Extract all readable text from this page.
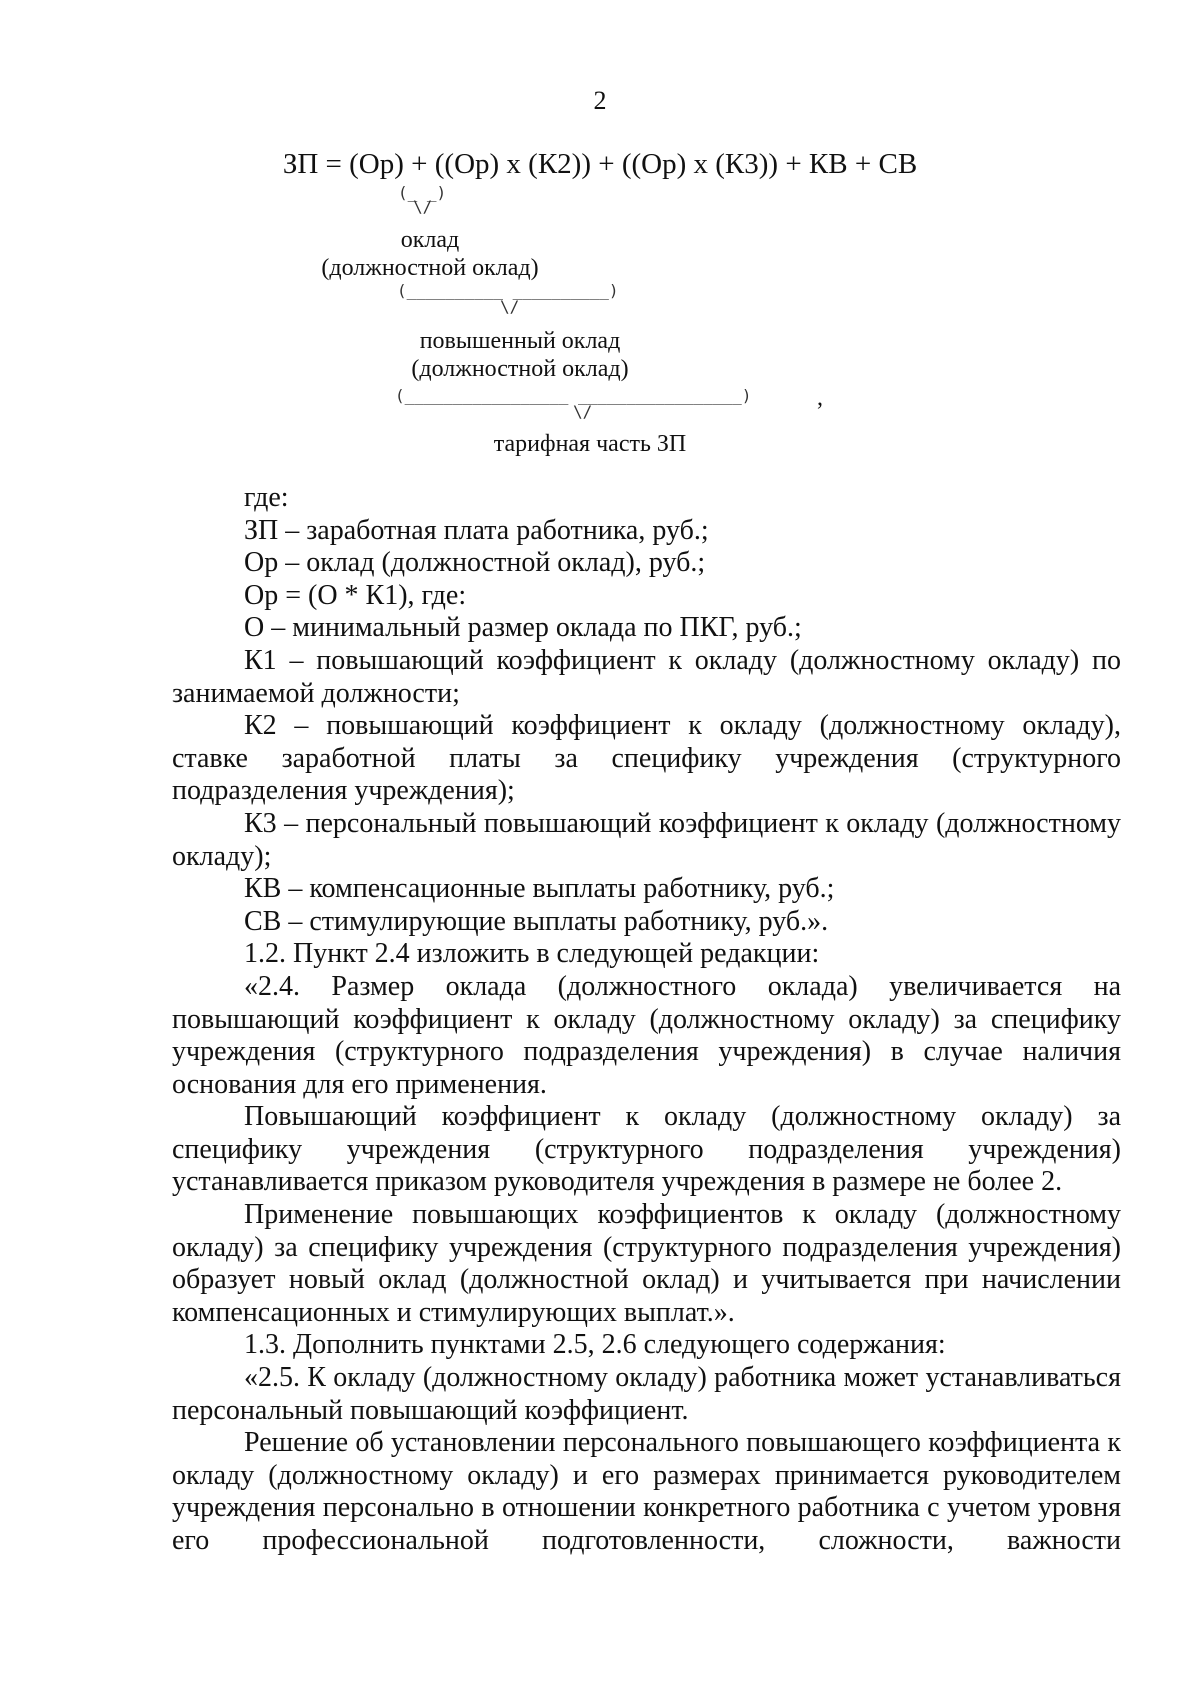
2
ЗП = (Ор) + ((Ор) х (К2)) + ((Ор) х (К3)) + КВ + СВ
(_ _)
\/
оклад
(должностной оклад)
(__________ __________)
\/
повышенный оклад
(должностной оклад)
(_________________ _________________)	,
\/
тарифная часть ЗП

где:

ЗП – заработная плата работника, руб.;

Ор – оклад (должностной оклад), руб.;

Ор = (О * К1), где:

О – минимальный размер оклада по ПКГ, руб.;

К1 – повышающий коэффициент к окладу (должностному окладу) по занимаемой должности;

К2 – повышающий коэффициент к окладу (должностному окладу), ставке заработной платы за специфику учреждения (структурного подразделения учреждения);

К3 – персональный повышающий коэффициент к окладу (должностному окладу);

КВ – компенсационные выплаты работнику, руб.;

СВ – стимулирующие выплаты работнику, руб.».

1.2. Пункт 2.4 изложить в следующей редакции:

«2.4. Размер оклада (должностного оклада) увеличивается на повышающий коэффициент к окладу (должностному окладу) за специфику учреждения (структурного подразделения учреждения) в случае наличия основания для его применения.

Повышающий коэффициент к окладу (должностному окладу) за специфику учреждения (структурного подразделения учреждения) устанавливается приказом руководителя учреждения в размере не более 2.

Применение повышающих коэффициентов к окладу (должностному окладу) за специфику учреждения (структурного подразделения учреждения) образует новый оклад (должностной оклад) и учитывается при начислении компенсационных и стимулирующих выплат.».

1.3. Дополнить пунктами 2.5, 2.6 следующего содержания:

«2.5. К окладу (должностному окладу) работника может устанавливаться персональный повышающий коэффициент.

Решение об установлении персонального повышающего коэффициента к окладу (должностному окладу) и его размерах принимается руководителем учреждения персонально в отношении конкретного работника с учетом уровня его профессиональной подготовленности, сложности, важности
